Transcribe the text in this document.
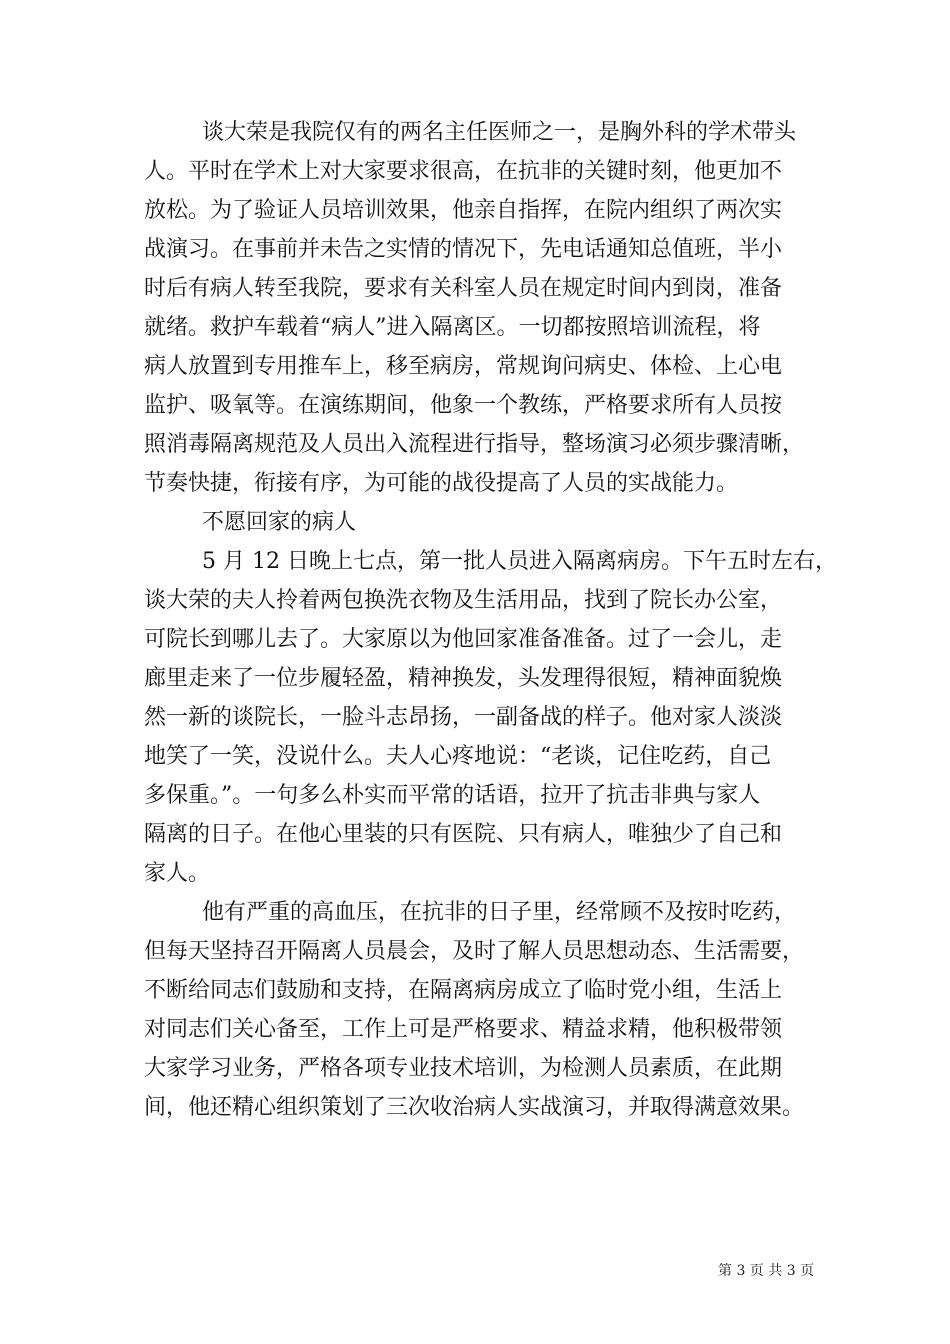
谈大荣是我院仅有的两名主任医师之一，是胸外科的学术带头
人。平时在学术上对大家要求很高，在抗非的关键时刻，他更加不
放松。为了验证人员培训效果，他亲自指挥，在院内组织了两次实
战演习。在事前并未告之实情的情况下，先电话通知总值班，半小
时后有病人转至我院，要求有关科室人员在规定时间内到岗，准备
就绪。救护车载着“病人”进入隔离区。一切都按照培训流程，将
病人放置到专用推车上，移至病房，常规询问病史、体检、上心电
监护、吸氧等。在演练期间，他象一个教练，严格要求所有人员按
照消毒隔离规范及人员出入流程进行指导，整场演习必须步骤清晰，
节奏快捷，衔接有序，为可能的战役提高了人员的实战能力。
不愿回家的病人
5 月 12 日晚上七点，第一批人员进入隔离病房。下午五时左右，
谈大荣的夫人拎着两包换洗衣物及生活用品，找到了院长办公室，
可院长到哪儿去了。大家原以为他回家准备准备。过了一会儿，走
廊里走来了一位步履轻盈，精神换发，头发理得很短，精神面貌焕
然一新的谈院长，一脸斗志昂扬，一副备战的样子。他对家人淡淡
地笑了一笑，没说什么。夫人心疼地说：“老谈，记住吃药，自己
多保重。”。一句多么朴实而平常的话语，拉开了抗击非典与家人
隔离的日子。在他心里装的只有医院、只有病人，唯独少了自己和
家人。
他有严重的高血压，在抗非的日子里，经常顾不及按时吃药，
但每天坚持召开隔离人员晨会，及时了解人员思想动态、生活需要，
不断给同志们鼓励和支持，在隔离病房成立了临时党小组，生活上
对同志们关心备至，工作上可是严格要求、精益求精，他积极带领
大家学习业务，严格各项专业技术培训，为检测人员素质，在此期
间，他还精心组织策划了三次收治病人实战演习，并取得满意效果。
第 3 页 共 3 页
